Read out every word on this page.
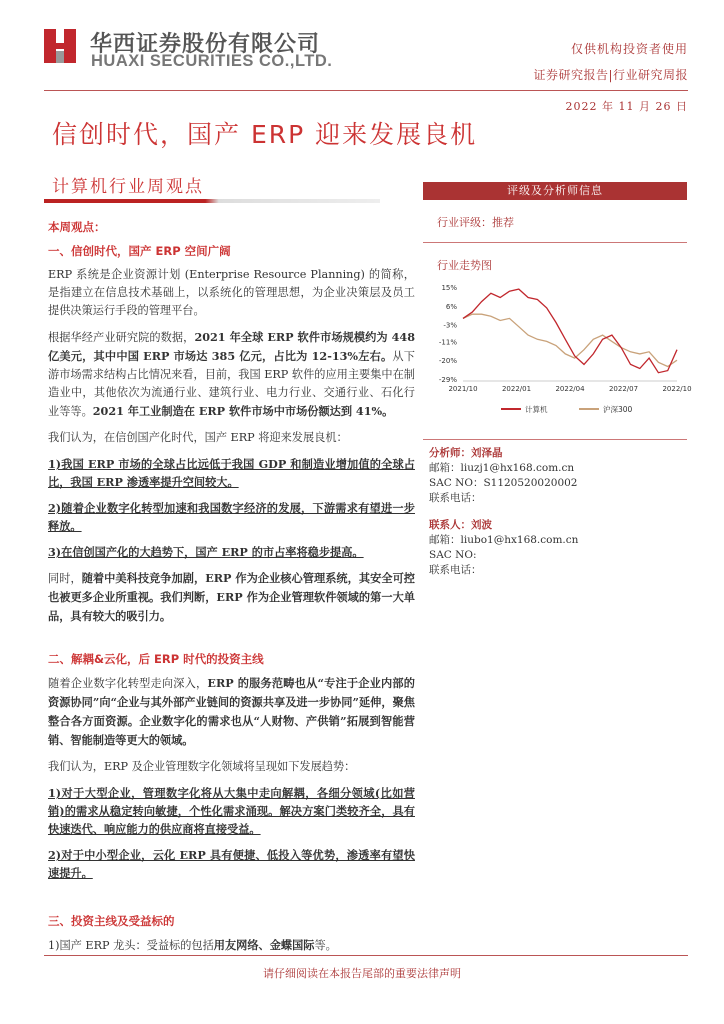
华西证券股份有限公司
HUAXI SECURITIES CO.,LTD.
仅供机构投资者使用
证券研究报告|行业研究周报
2022 年 11 月 26 日
信创时代，国产 ERP 迎来发展良机
计算机行业周观点
本周观点：
一、信创时代，国产 ERP 空间广阔

ERP 系统是企业资源计划 (Enterprise Resource Planning) 的简称，是指建立在信息技术基础上，以系统化的管理思想，为企业决策层及员工提供决策运行手段的管理平台。

根据华经产业研究院的数据，2021 年全球 ERP 软件市场规模约为 448 亿美元，其中中国 ERP 市场达 385 亿元，占比为 12-13%左右。从下游市场需求结构占比情况来看，目前，我国 ERP 软件的应用主要集中在制造业中，其他依次为流通行业、建筑行业、电力行业、交通行业、石化行业等等。2021 年工业制造在 ERP 软件市场中市场份额达到 41%。

我们认为，在信创国产化时代，国产 ERP 将迎来发展良机：

1)我国 ERP 市场的全球占比远低于我国 GDP 和制造业增加值的全球占比，我国 ERP 渗透率提升空间较大。

2)随着企业数字化转型加速和我国数字经济的发展，下游需求有望进一步释放。

3)在信创国产化的大趋势下，国产 ERP 的市占率将稳步提高。

同时，随着中美科技竞争加剧，ERP 作为企业核心管理系统，其安全可控也被更多企业所重视。我们判断，ERP 作为企业管理软件领域的第一大单品，具有较大的吸引力。

二、解耦&云化，后 ERP 时代的投资主线

随着企业数字化转型走向深入，ERP 的服务范畴也从“专注于企业内部的资源协同”向“企业与其外部产业链间的资源共享及进一步协同”延伸，聚焦整合各方面资源。企业数字化的需求也从“人财物、产供销”拓展到智能营销、智能制造等更大的领域。

我们认为，ERP 及企业管理数字化领域将呈现如下发展趋势：

1)对于大型企业，管理数字化将从大集中走向解耦，各细分领域(比如营销)的需求从稳定转向敏捷，个性化需求涌现。解决方案门类较齐全，具有快速迭代、响应能力的供应商将直接受益。

2)对于中小型企业，云化 ERP 具有便捷、低投入等优势，渗透率有望快速提升。

三、投资主线及受益标的

1)国产 ERP 龙头：受益标的包括用友网络、金蝶国际等。

评级及分析师信息
行业评级：推荐
行业走势图
15%
6%
-3%
-11%
-20%
-29%
2021/10	2022/01	2022/04	2022/07	2022/10
计算机	沪深300
分析师：刘泽晶
邮箱：liuzj1@hx168.com.cn
SAC NO：S1120520020002
联系电话：
联系人：刘波
邮箱：liubo1@hx168.com.cn
SAC NO:
联系电话：
请仔细阅读在本报告尾部的重要法律声明
